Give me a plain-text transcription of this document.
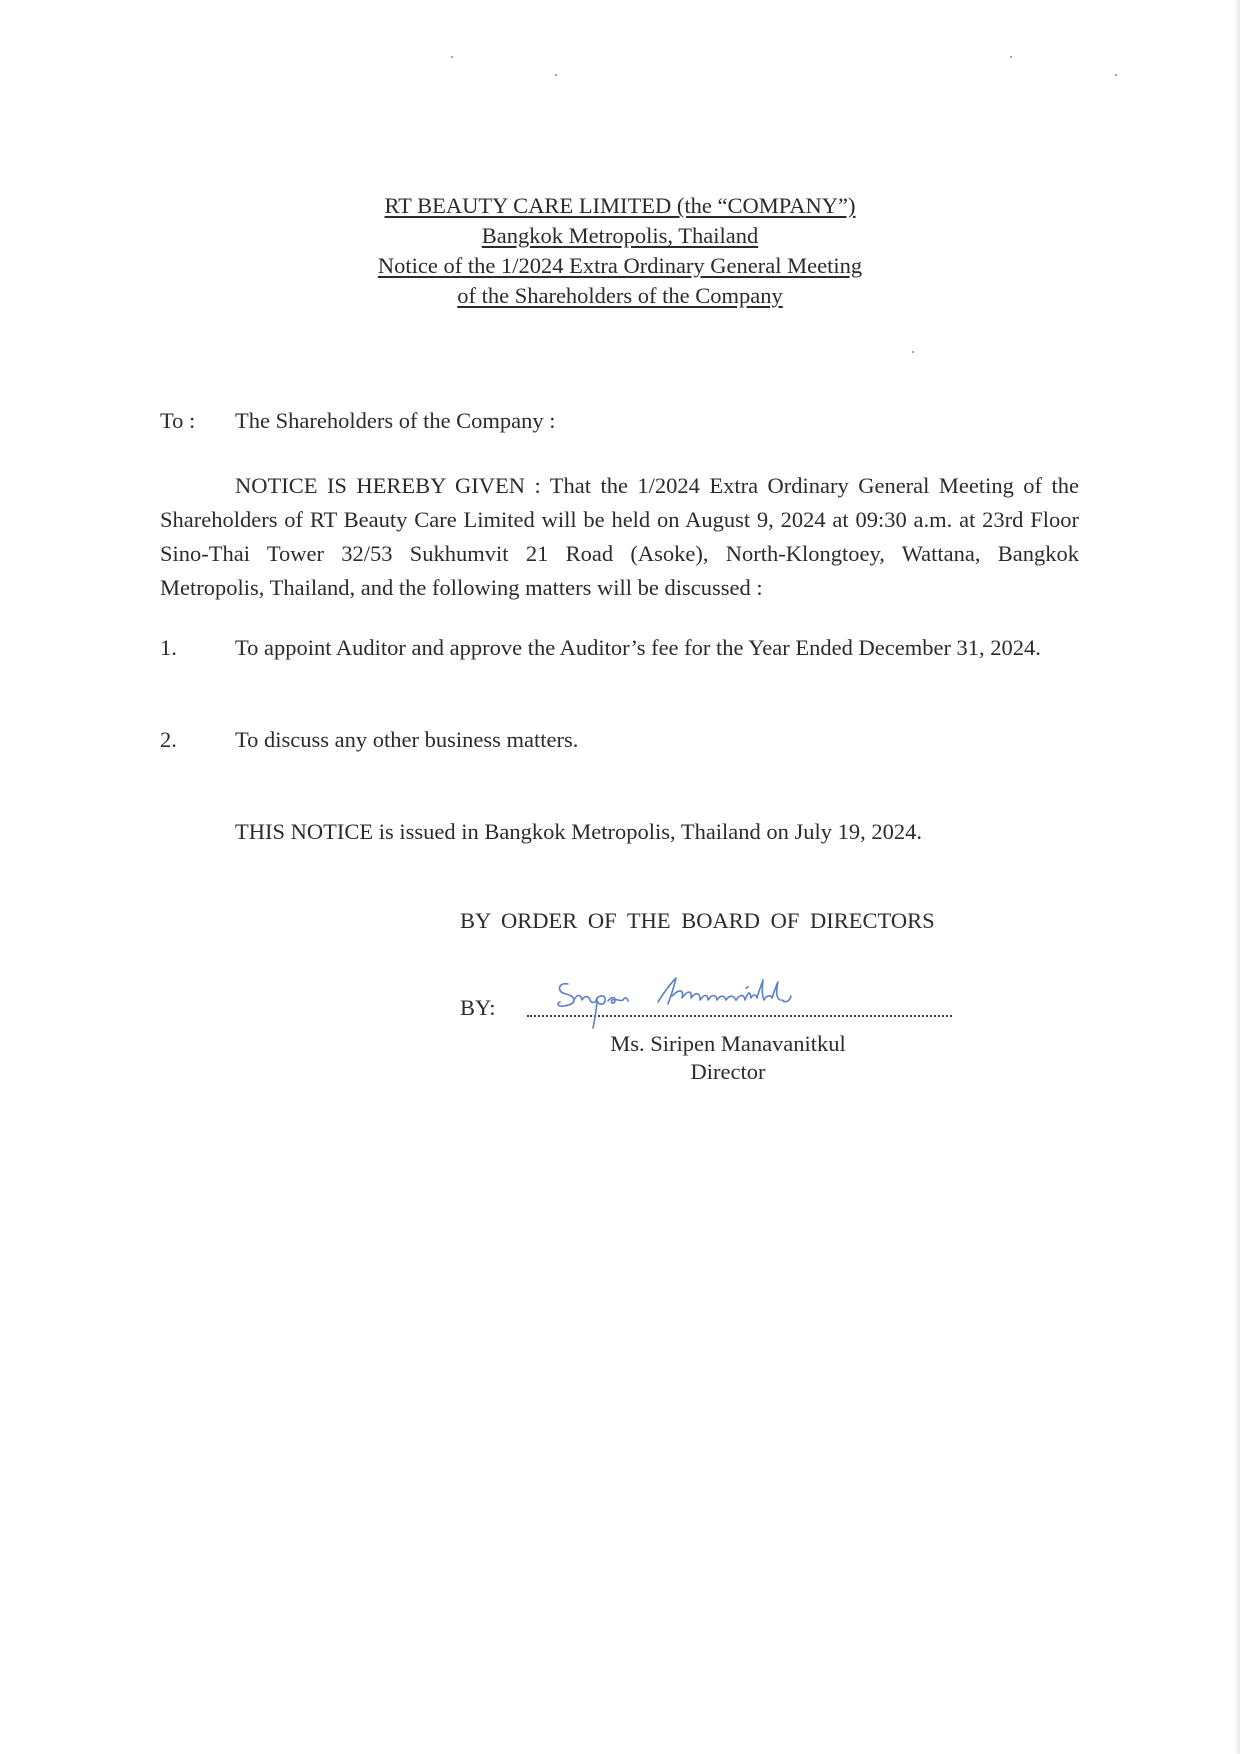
RT BEAUTY CARE LIMITED (the “COMPANY”)
Bangkok Metropolis, Thailand
Notice of the 1/2024 Extra Ordinary General Meeting
of the Shareholders of the Company
To : The Shareholders of the Company :

NOTICE IS HEREBY GIVEN : That the 1/2024 Extra Ordinary General Meeting of the Shareholders of RT Beauty Care Limited will be held on August 9, 2024 at 09:30 a.m. at 23rd Floor Sino-Thai Tower 32/53 Sukhumvit 21 Road (Asoke), North-Klongtoey, Wattana, Bangkok Metropolis, Thailand, and the following matters will be discussed :

1.	To appoint Auditor and approve the Auditor’s fee for the Year Ended December 31, 2024.

2.	To discuss any other business matters.

THIS NOTICE is issued in Bangkok Metropolis, Thailand on July 19, 2024.

BY ORDER OF THE BOARD OF DIRECTORS
BY:
Ms. Siripen Manavanitkul
Director
